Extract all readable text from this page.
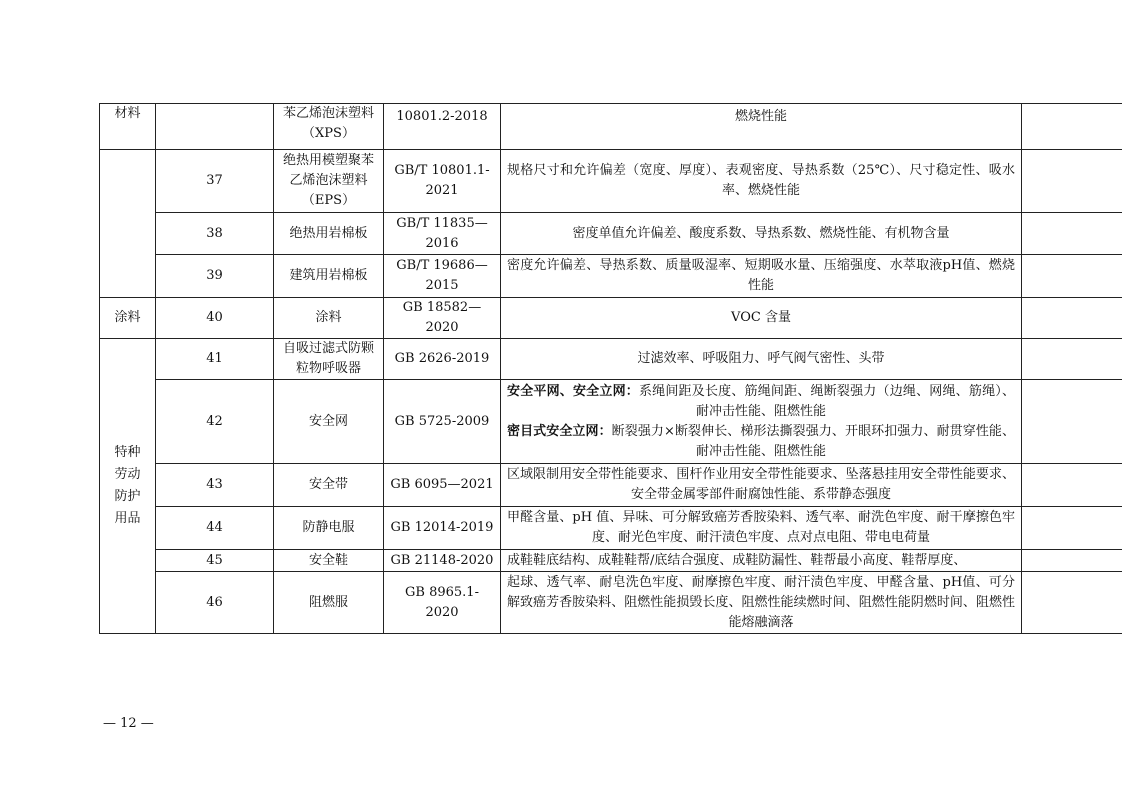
材料		苯乙烯泡沫塑料（XPS）	10801.2-2018	燃烧性能	
	37	绝热用模塑聚苯乙烯泡沫塑料（EPS）	GB/T 10801.1-2021	规格尺寸和允许偏差（宽度、厚度）、表观密度、导热系数（25℃）、尺寸稳定性、吸水率、燃烧性能	
	38	绝热用岩棉板	GB/T 11835—2016	密度单值允许偏差、酸度系数、导热系数、燃烧性能、有机物含量	
	39	建筑用岩棉板	GB/T 19686—2015	密度允许偏差、导热系数、质量吸湿率、短期吸水量、压缩强度、水萃取液pH值、燃烧性能	
涂料	40	涂料	GB 18582—2020	VOC 含量	
特种劳动防护用品	41	自吸过滤式防颗粒物呼吸器	GB 2626-2019	过滤效率、呼吸阻力、呼气阀气密性、头带	
	42	安全网	GB 5725-2009	安全平网、安全立网：系绳间距及长度、筋绳间距、绳断裂强力（边绳、网绳、筋绳）、耐冲击性能、阻燃性能
密目式安全立网：断裂强力×断裂伸长、梯形法撕裂强力、开眼环扣强力、耐贯穿性能、耐冲击性能、阻燃性能	

	43	安全带	GB 6095—2021	区域限制用安全带性能要求、围杆作业用安全带性能要求、坠落悬挂用安全带性能要求、安全带金属零部件耐腐蚀性能、系带静态强度	
	44	防静电服	GB 12014-2019	甲醛含量、pH 值、异味、可分解致癌芳香胺染料、透气率、耐洗色牢度、耐干摩擦色牢度、耐光色牢度、耐汗渍色牢度、点对点电阻、带电电荷量	
	45	安全鞋	GB 21148-2020	成鞋鞋底结构、成鞋鞋帮/底结合强度、成鞋防漏性、鞋帮最小高度、鞋帮厚度、	
	46	阻燃服	GB 8965.1-2020	起球、透气率、耐皂洗色牢度、耐摩擦色牢度、耐汗渍色牢度、甲醛含量、pH值、可分解致癌芳香胺染料、阻燃性能损毁长度、阻燃性能续燃时间、阻燃性能阴燃时间、阻燃性能熔融滴落	
— 12 —
